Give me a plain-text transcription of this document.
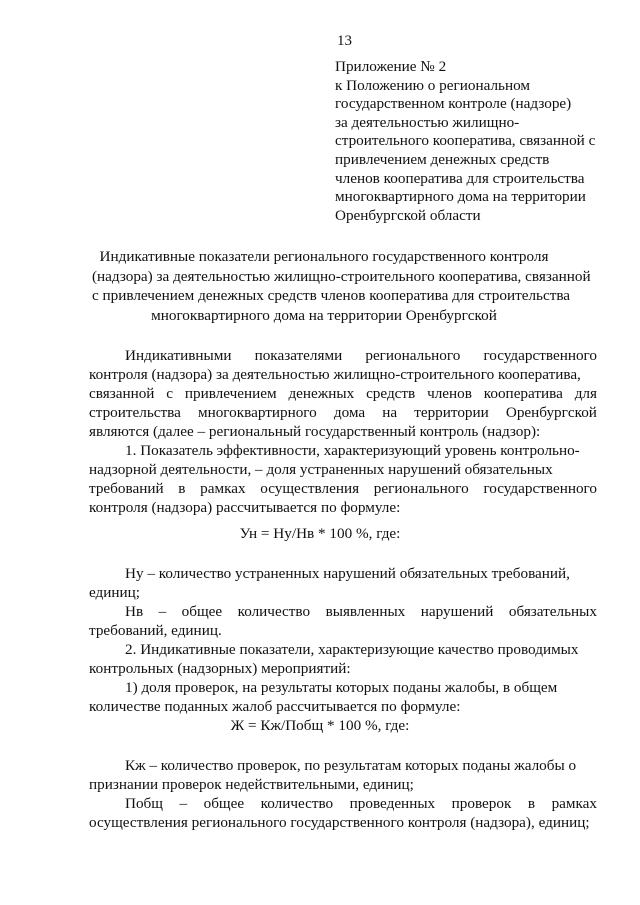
13
Приложение № 2
к Положению о региональном
государственном контроле (надзоре)
за деятельностью жилищно-
строительного кооператива, связанной с
привлечением денежных средств
членов кооператива для строительства
многоквартирного дома на территории
Оренбургской области
Индикативные показатели регионального государственного контроля
(надзора) за деятельностью жилищно-строительного кооператива, связанной
с привлечением денежных средств членов кооператива для строительства
многоквартирного дома на территории Оренбургской
Индикативными показателями регионального государственного
контроля (надзора) за деятельностью жилищно-строительного кооператива,
связанной с привлечением денежных средств членов кооператива для
строительства многоквартирного дома на территории Оренбургской
являются (далее – региональный государственный контроль (надзор):
1. Показатель эффективности, характеризующий уровень контрольно-
надзорной деятельности, – доля устраненных нарушений обязательных
требований в рамках осуществления регионального государственного
контроля (надзора) рассчитывается по формуле:
Ун = Ну/Нв * 100 %, где:
Ну – количество устраненных нарушений обязательных требований,
единиц;
Нв – общее количество выявленных нарушений обязательных
требований, единиц.
2. Индикативные показатели, характеризующие качество проводимых
контрольных (надзорных) мероприятий:
1) доля проверок, на результаты которых поданы жалобы, в общем
количестве поданных жалоб рассчитывается по формуле:
Ж = Кж/Побщ * 100 %, где:
Кж – количество проверок, по результатам которых поданы жалобы о
признании проверок недействительными, единиц;
Побщ – общее количество проведенных проверок в рамках
осуществления регионального государственного контроля (надзора), единиц;
